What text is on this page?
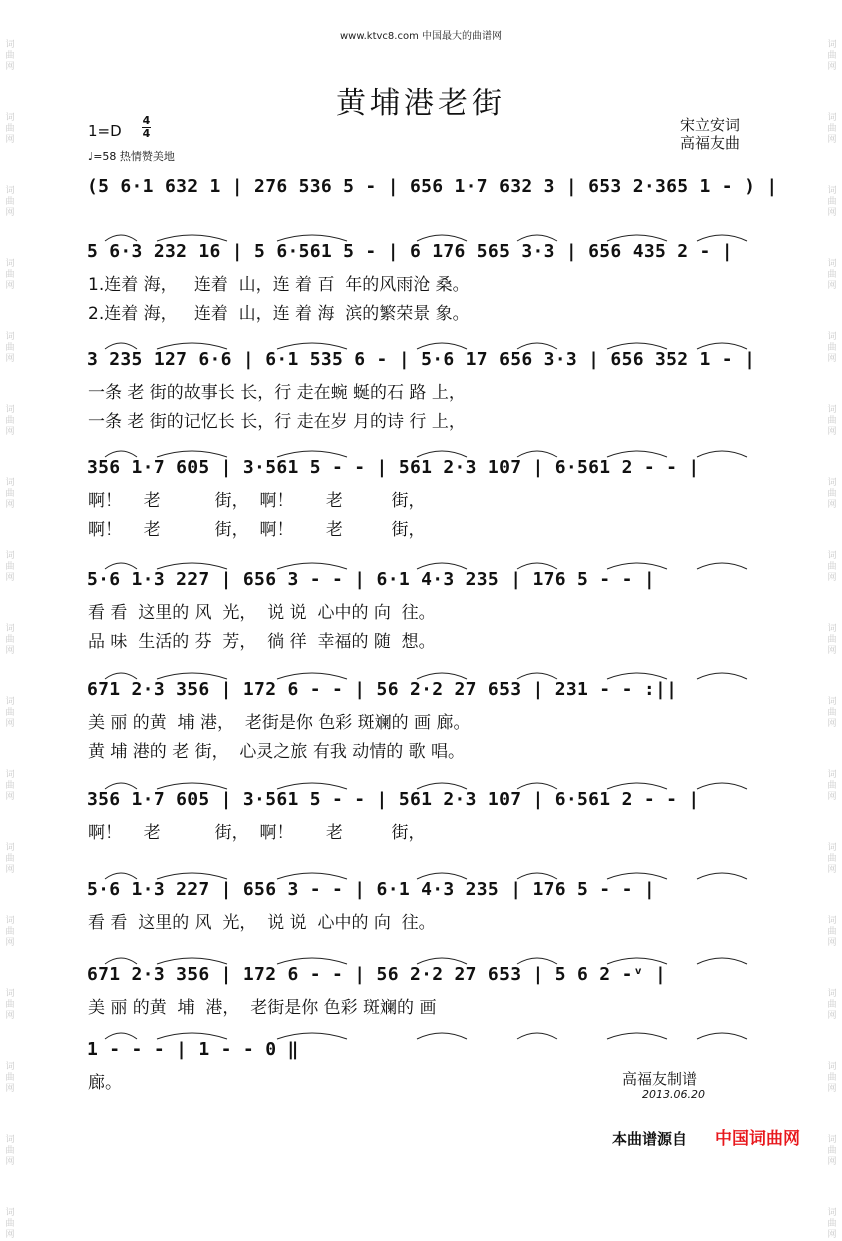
词
曲
网
词
曲
网
词
曲
网
词
曲
网
词
曲
网
词
曲
网
词
曲
网
词
曲
网
词
曲
网
词
曲
网
词
曲
网
词
曲
网
词
曲
网
词
曲
网
词
曲
网
词
曲
网
词
曲
网
词
曲
网
词
曲
网
词
曲
网
词
曲
网
词
曲
网
词
曲
网
词
曲
网
词
曲
网
词
曲
网
词
曲
网
词
曲
网
词
曲
网
词
曲
网
词
曲
网
词
曲
网
词
曲
网
词
曲
网
www.ktvc8.com 中国最大的曲谱网
黄埔港老街
1=D
4
4
♩=58 热情赞美地
宋立安词
高福友曲
(5 6·1 632 1 | 276 536 5 - | 656 1·7 632 3 | 653 2·365 1 - ) |
5 6·3 232 16 | 5 6·561 5 - | 6 176 565 3·3 | 656 435 2 - |
1.连着 海，   连着  山，连 着 百  年的风雨沧 桑。
2.连着 海，   连着  山，连 着 海  滨的繁荣景 象。
3 235 127 6·6 | 6·1 535 6 - | 5·6 17 656 3·3 | 656 352 1 - |
一条 老 街的故事长 长，行 走在蜿 蜒的石 路 上，
一条 老 街的记忆长 长，行 走在岁 月的诗 行 上，
356 1·7 605 | 3·561 5 - - | 561 2·3 107 | 6·561 2 - - |
啊！    老          街，  啊！      老         街，
啊！    老          街，  啊！      老         街，
5·6 1·3 227 | 656 3 - - | 6·1 4·3 235 | 176 5 - - |
看 看  这里的 风  光，  说 说  心中的 向  往。
品 味  生活的 芬  芳，  徜 徉  幸福的 随  想。
671 2·3 356 | 172 6 - - | 56 2·2 27 653 | 231 - - :||
美 丽 的黄  埔 港，  老街是你 色彩 斑斓的 画 廊。
黄 埔 港的 老 街，  心灵之旅 有我 动情的 歌 唱。
356 1·7 605 | 3·561 5 - - | 561 2·3 107 | 6·561 2 - - |
啊！    老          街，  啊！      老         街，
5·6 1·3 227 | 656 3 - - | 6·1 4·3 235 | 176 5 - - |
看 看  这里的 风  光，  说 说  心中的 向  往。
671 2·3 356 | 172 6 - - | 56 2·2 27 653 | 5 6 2 -ᵛ |
美 丽 的黄  埔  港，  老街是你 色彩 斑斓的 画
1 - - - | 1 - - 0 ‖
廊。	高福友制谱
2013.06.20
本曲谱源自 中国词曲网
